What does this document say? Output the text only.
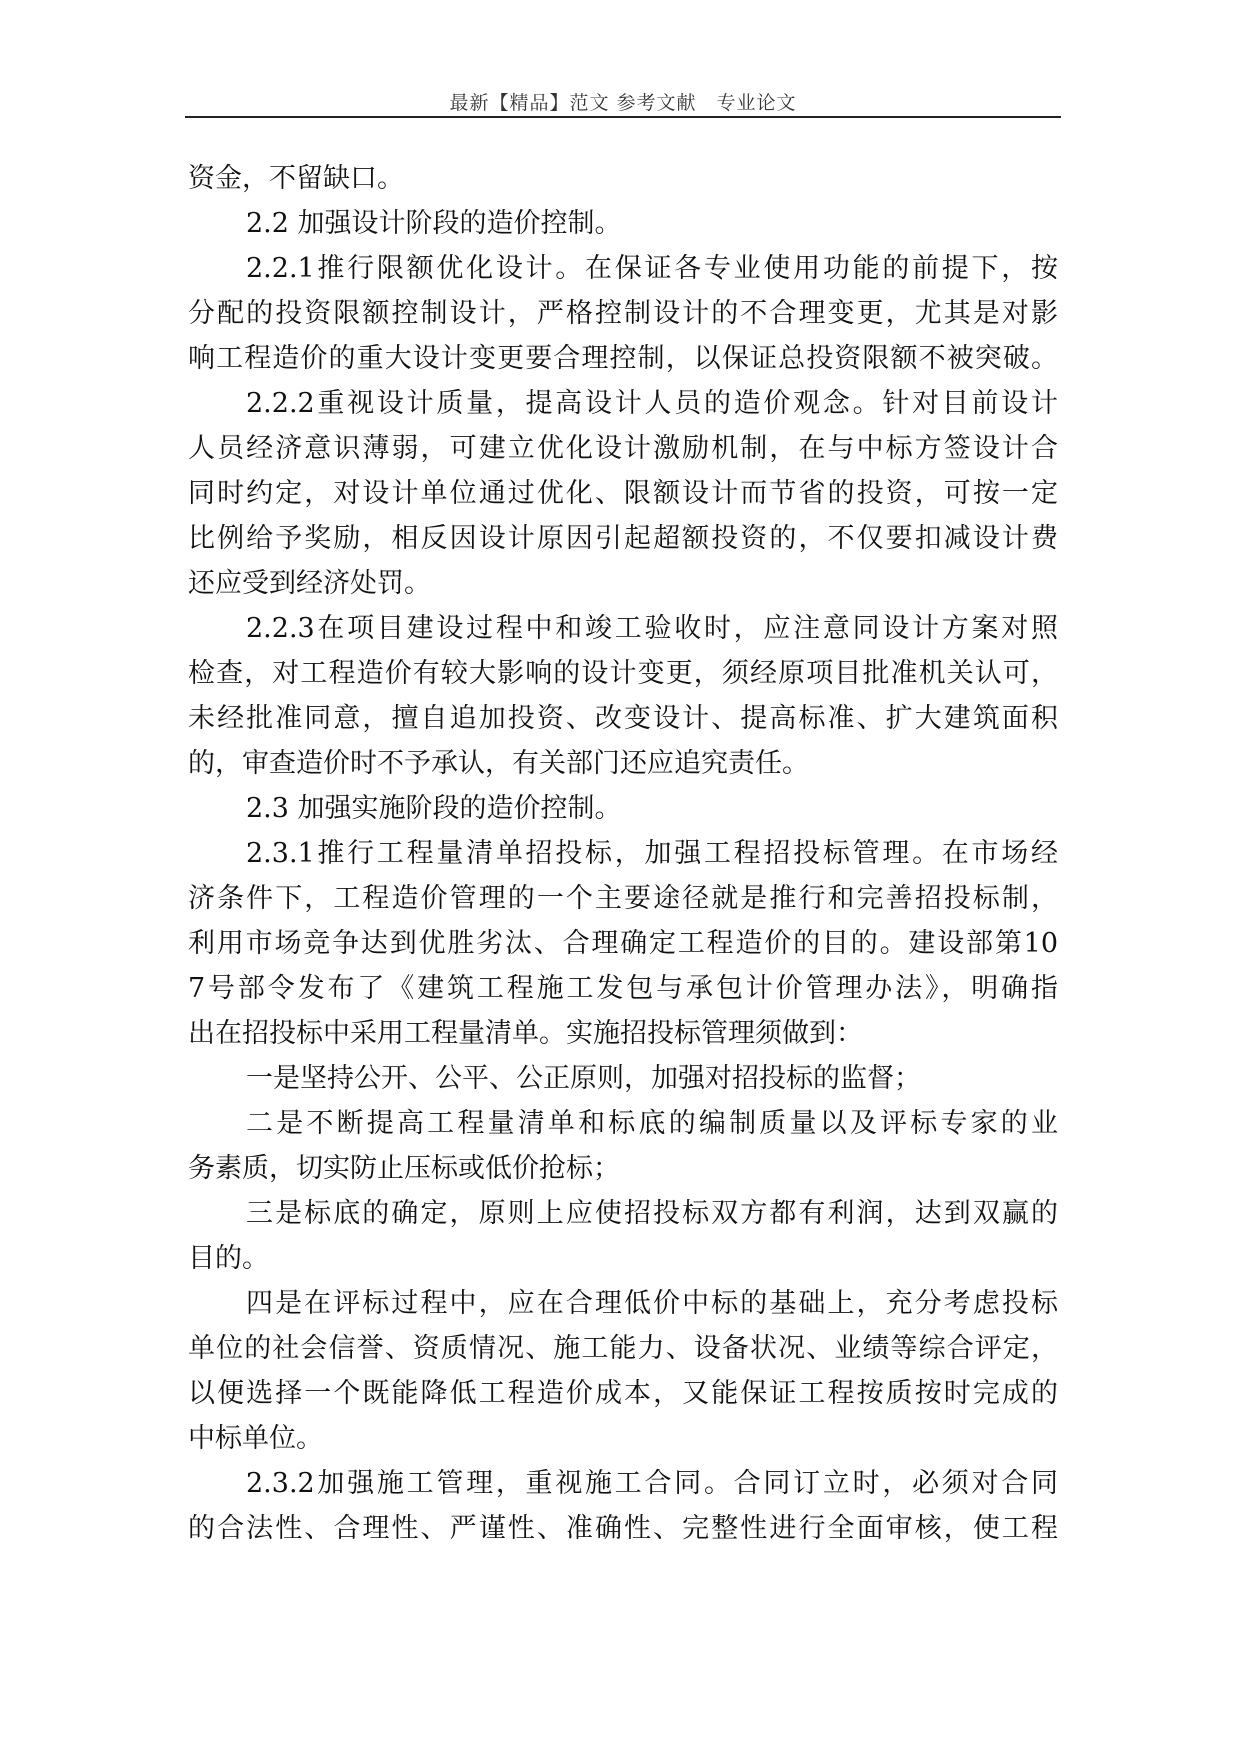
最新【精品】范文 参考文献　专业论文
资金，不留缺口。
2.2 加强设计阶段的造价控制。
2.2.1推行限额优化设计。在保证各专业使用功能的前提下，按
分配的投资限额控制设计，严格控制设计的不合理变更，尤其是对影
响工程造价的重大设计变更要合理控制，以保证总投资限额不被突破。
2.2.2重视设计质量，提高设计人员的造价观念。针对目前设计
人员经济意识薄弱，可建立优化设计激励机制，在与中标方签设计合
同时约定，对设计单位通过优化、限额设计而节省的投资，可按一定
比例给予奖励，相反因设计原因引起超额投资的，不仅要扣减设计费
还应受到经济处罚。
2.2.3在项目建设过程中和竣工验收时，应注意同设计方案对照
检查，对工程造价有较大影响的设计变更，须经原项目批准机关认可，
未经批准同意，擅自追加投资、改变设计、提高标准、扩大建筑面积
的，审查造价时不予承认，有关部门还应追究责任。
2.3 加强实施阶段的造价控制。
2.3.1推行工程量清单招投标，加强工程招投标管理。在市场经
济条件下，工程造价管理的一个主要途径就是推行和完善招投标制，
利用市场竞争达到优胜劣汰、合理确定工程造价的目的。建设部第10
7号部令发布了《建筑工程施工发包与承包计价管理办法》，明确指
出在招投标中采用工程量清单。实施招投标管理须做到：
一是坚持公开、公平、公正原则，加强对招投标的监督；
二是不断提高工程量清单和标底的编制质量以及评标专家的业
务素质，切实防止压标或低价抢标；
三是标底的确定，原则上应使招投标双方都有利润，达到双赢的
目的。
四是在评标过程中，应在合理低价中标的基础上，充分考虑投标
单位的社会信誉、资质情况、施工能力、设备状况、业绩等综合评定，
以便选择一个既能降低工程造价成本，又能保证工程按质按时完成的
中标单位。
2.3.2加强施工管理，重视施工合同。合同订立时，必须对合同
的合法性、合理性、严谨性、准确性、完整性进行全面审核，使工程
